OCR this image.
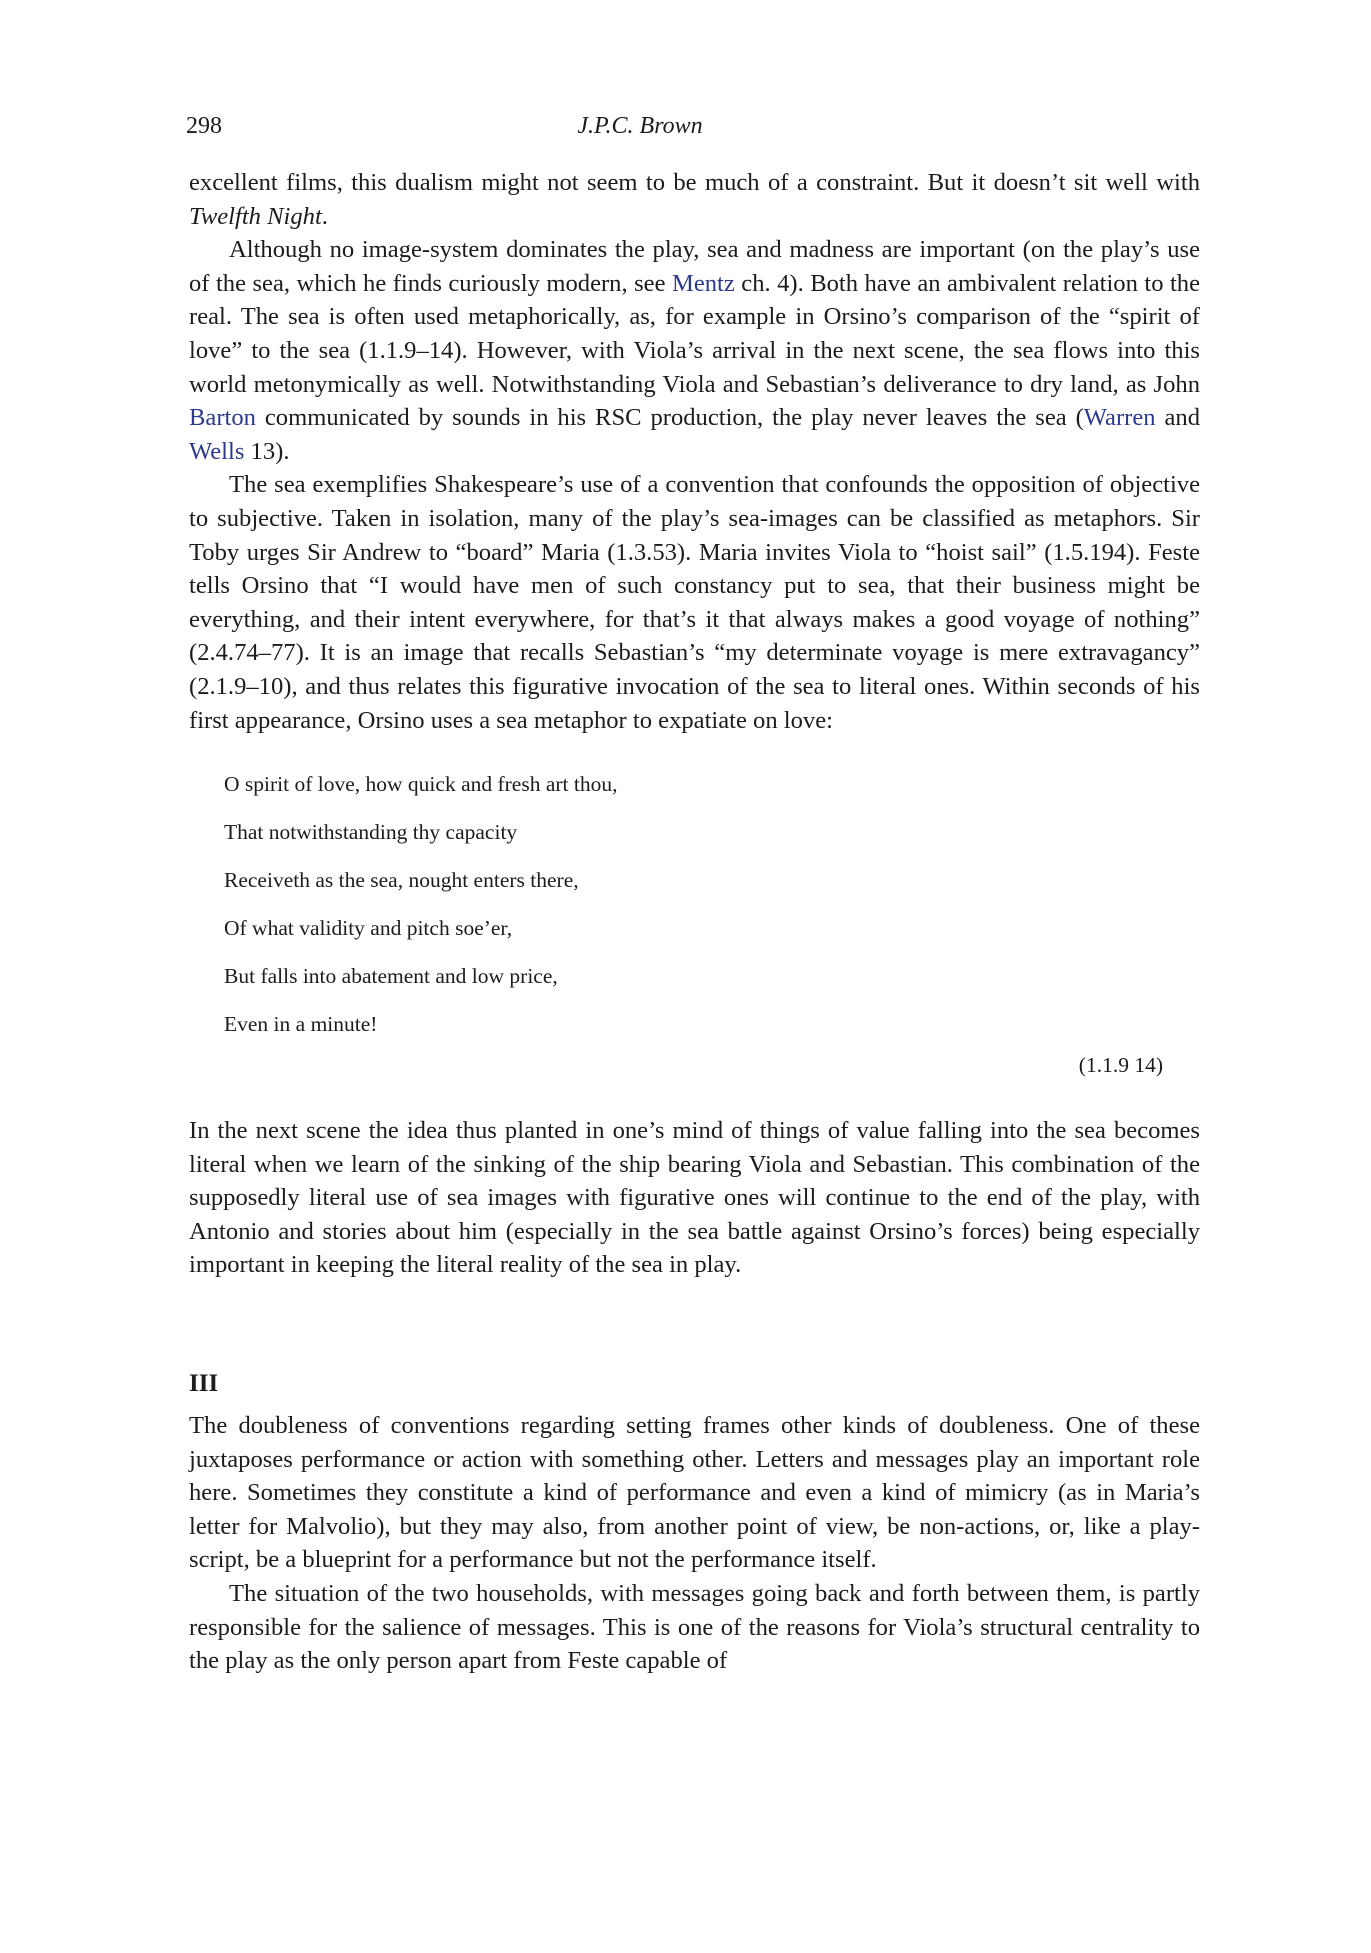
298	J.P.C. Brown

excellent films, this dualism might not seem to be much of a constraint. But it doesn’t sit well with Twelfth Night.

Although no image-system dominates the play, sea and madness are important (on the play’s use of the sea, which he finds curiously modern, see Mentz ch. 4). Both have an ambivalent relation to the real. The sea is often used metaphorically, as, for example in Orsino’s comparison of the “spirit of love” to the sea (1.1.9–14). However, with Viola’s arrival in the next scene, the sea flows into this world metonymically as well. Notwithstanding Viola and Sebastian’s deliverance to dry land, as John Barton communicated by sounds in his RSC production, the play never leaves the sea (Warren and Wells 13).

The sea exemplifies Shakespeare’s use of a convention that confounds the opposition of objective to subjective. Taken in isolation, many of the play’s sea-images can be classified as metaphors. Sir Toby urges Sir Andrew to “board” Maria (1.3.53). Maria invites Viola to “hoist sail” (1.5.194). Feste tells Orsino that “I would have men of such constancy put to sea, that their business might be everything, and their intent everywhere, for that’s it that always makes a good voyage of nothing” (2.4.74–77). It is an image that recalls Sebastian’s “my determinate voyage is mere extravagancy” (2.1.9–10), and thus relates this figurative invocation of the sea to literal ones. Within seconds of his first appearance, Orsino uses a sea metaphor to expatiate on love:

O spirit of love, how quick and fresh art thou,
That notwithstanding thy capacity
Receiveth as the sea, nought enters there,
Of what validity and pitch soe’er,
But falls into abatement and low price,
Even in a minute!
(1.1.9 14)

In the next scene the idea thus planted in one’s mind of things of value falling into the sea becomes literal when we learn of the sinking of the ship bearing Viola and Sebastian. This combination of the supposedly literal use of sea images with figurative ones will continue to the end of the play, with Antonio and stories about him (especially in the sea battle against Orsino’s forces) being especially important in keeping the literal reality of the sea in play.

III

The doubleness of conventions regarding setting frames other kinds of doubleness. One of these juxtaposes performance or action with something other. Letters and messages play an important role here. Sometimes they constitute a kind of performance and even a kind of mimicry (as in Maria’s letter for Malvolio), but they may also, from another point of view, be non-actions, or, like a play-script, be a blueprint for a performance but not the performance itself.

The situation of the two households, with messages going back and forth between them, is partly responsible for the salience of messages. This is one of the reasons for Viola’s structural centrality to the play as the only person apart from Feste capable of
